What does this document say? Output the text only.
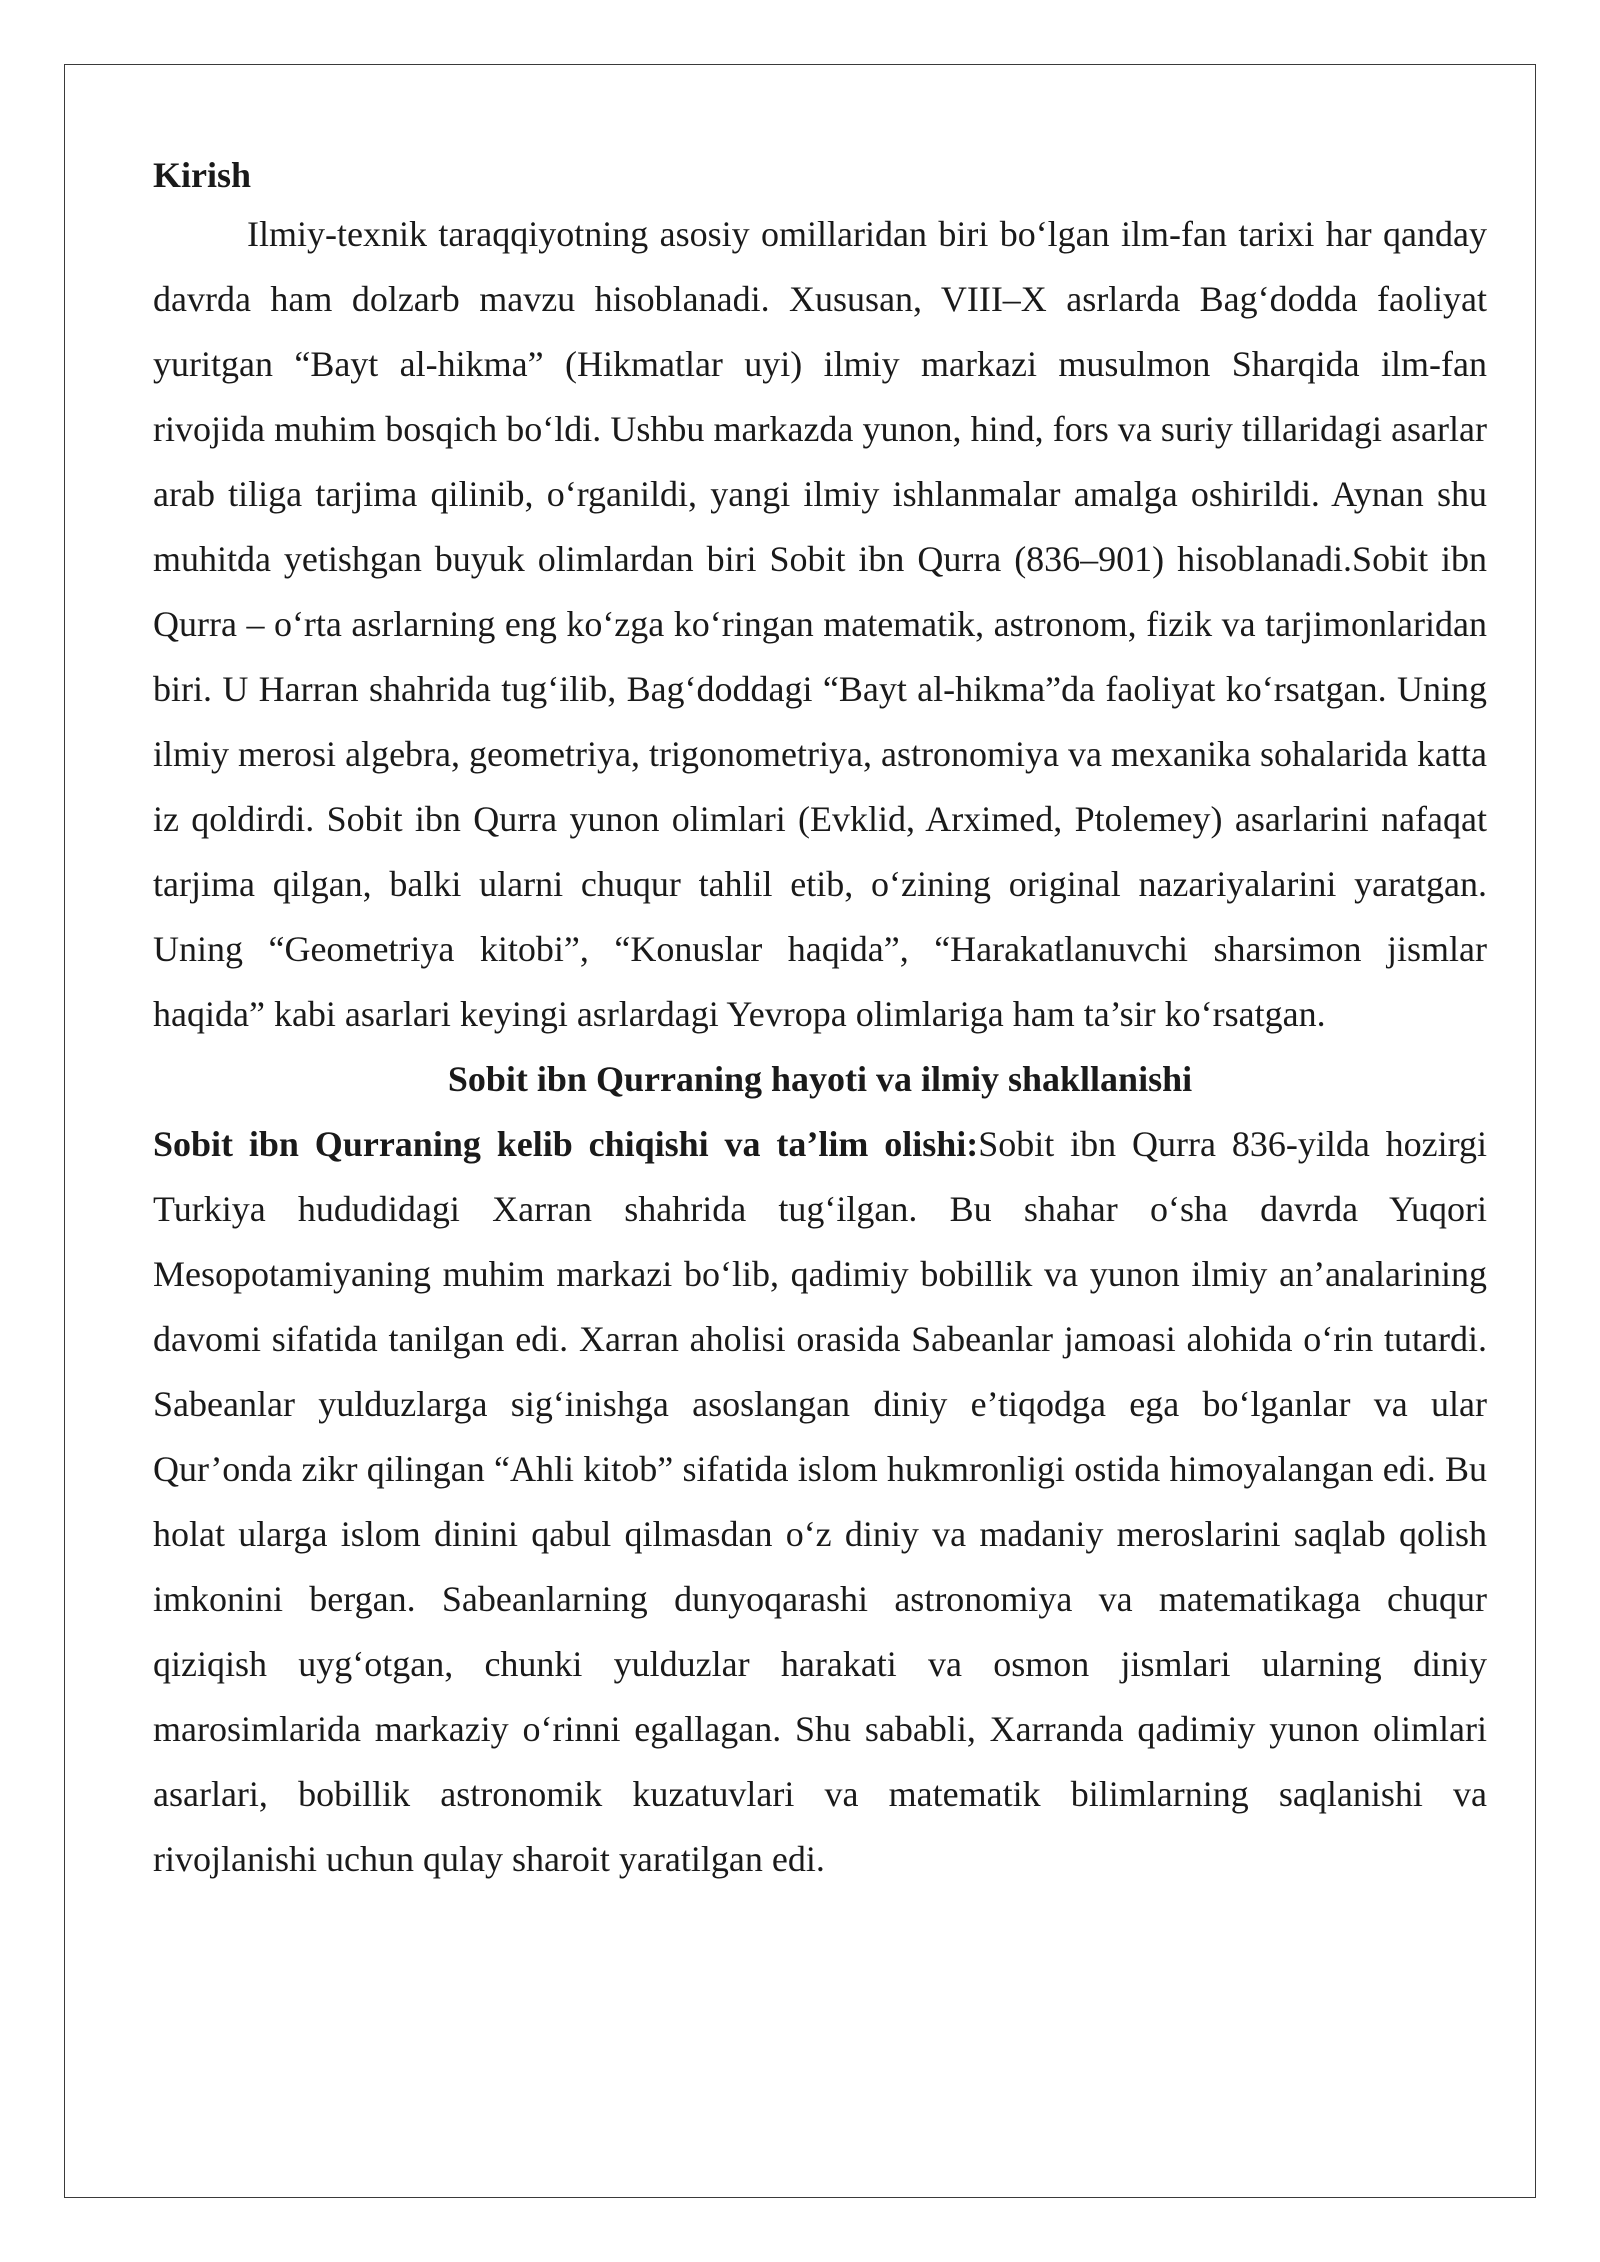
Kirish

Ilmiy-texnik taraqqiyotning asosiy omillaridan biri bo‘lgan ilm-fan tarixi har qanday davrda ham dolzarb mavzu hisoblanadi. Xususan, VIII–X asrlarda Bag‘dodda faoliyat yuritgan “Bayt al-hikma” (Hikmatlar uyi) ilmiy markazi musulmon Sharqida ilm-fan rivojida muhim bosqich bo‘ldi. Ushbu markazda yunon, hind, fors va suriy tillaridagi asarlar arab tiliga tarjima qilinib, o‘rganildi, yangi ilmiy ishlanmalar amalga oshirildi. Aynan shu muhitda yetishgan buyuk olimlardan biri Sobit ibn Qurra (836–901) hisoblanadi.Sobit ibn Qurra – o‘rta asrlarning eng ko‘zga ko‘ringan matematik, astronom, fizik va tarjimonlaridan biri. U Harran shahrida tug‘ilib, Bag‘doddagi “Bayt al-hikma”da faoliyat ko‘rsatgan. Uning ilmiy merosi algebra, geometriya, trigonometriya, astronomiya va mexanika sohalarida katta iz qoldirdi. Sobit ibn Qurra yunon olimlari (Evklid, Arximed, Ptolemey) asarlarini nafaqat tarjima qilgan, balki ularni chuqur tahlil etib, o‘zining original nazariyalarini yaratgan. Uning “Geometriya kitobi”, “Konuslar haqida”, “Harakatlanuvchi sharsimon jismlar haqida” kabi asarlari keyingi asrlardagi Yevropa olimlariga ham ta’sir ko‘rsatgan.

Sobit ibn Qurraning hayoti va ilmiy shakllanishi

Sobit ibn Qurraning kelib chiqishi va ta’lim olishi:Sobit ibn Qurra 836-yilda hozirgi Turkiya hududidagi Xarran shahrida tug‘ilgan. Bu shahar o‘sha davrda Yuqori Mesopotamiyaning muhim markazi bo‘lib, qadimiy bobillik va yunon ilmiy an’analarining davomi sifatida tanilgan edi. Xarran aholisi orasida Sabeanlar jamoasi alohida o‘rin tutardi. Sabeanlar yulduzlarga sig‘inishga asoslangan diniy e’tiqodga ega bo‘lganlar va ular Qur’onda zikr qilingan “Ahli kitob” sifatida islom hukmronligi ostida himoyalangan edi. Bu holat ularga islom dinini qabul qilmasdan o‘z diniy va madaniy meroslarini saqlab qolish imkonini bergan. Sabeanlarning dunyoqarashi astronomiya va matematikaga chuqur qiziqish uyg‘otgan, chunki yulduzlar harakati va osmon jismlari ularning diniy marosimlarida markaziy o‘rinni egallagan. Shu sababli, Xarranda qadimiy yunon olimlari asarlari, bobillik astronomik kuzatuvlari va matematik bilimlarning saqlanishi va rivojlanishi uchun qulay sharoit yaratilgan edi.
